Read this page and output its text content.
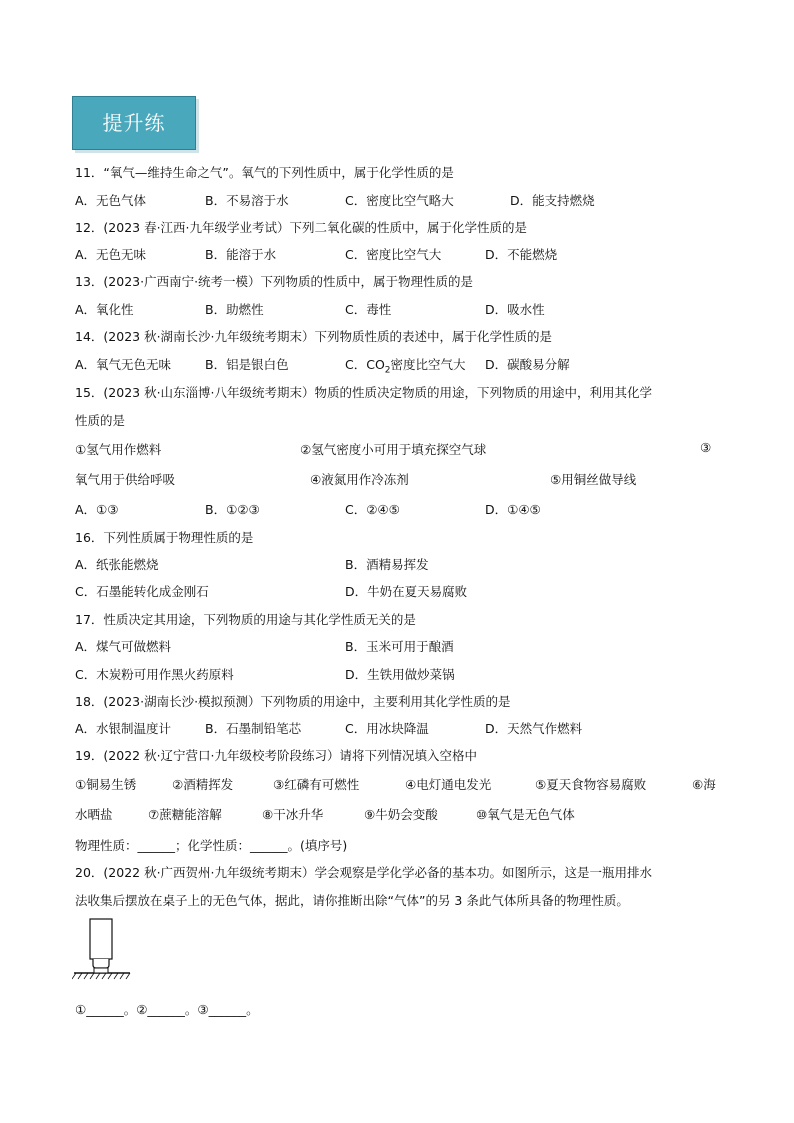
提升练
11．“氧气—维持生命之气”。氧气的下列性质中，属于化学性质的是
A．无色气体	B．不易溶于水	C．密度比空气略大	D．能支持燃烧
12．(2023 春·江西·九年级学业考试）下列二氧化碳的性质中，属于化学性质的是
A．无色无味	B．能溶于水	C．密度比空气大	D．不能燃烧
13．(2023·广西南宁·统考一模）下列物质的性质中，属于物理性质的是
A．氧化性	B．助燃性	C．毒性	D．吸水性
14．(2023 秋·湖南长沙·九年级统考期末）下列物质性质的表述中，属于化学性质的是
A．氧气无色无味	B．铝是银白色	C．$CO_2$密度比空气大 D．碳酸易分解
15．(2023 秋·山东淄博·八年级统考期末）物质的性质决定物质的用途，下列物质的用途中，利用其化学
性质的是
①氢气用作燃料	②氢气密度小可用于填充探空气球	③
氧气用于供给呼吸	④液氮用作冷冻剂	⑤用铜丝做导线
A．①③	B．①②③	C．②④⑤	D．①④⑤
16．下列性质属于物理性质的是
A．纸张能燃烧	B．酒精易挥发
C．石墨能转化成金刚石	D．牛奶在夏天易腐败
17．性质决定其用途，下列物质的用途与其化学性质无关的是
A．煤气可做燃料	B．玉米可用于酿酒
C．木炭粉可用作黑火药原料	D．生铁用做炒菜锅
18．(2023·湖南长沙·模拟预测）下列物质的用途中，主要利用其化学性质的是
A．水银制温度计	B．石墨制铅笔芯	C．用冰块降温	D．天然气作燃料
19．(2022 秋·辽宁营口·九年级校考阶段练习）请将下列情况填入空格中
①铜易生锈	②酒精挥发	③红磷有可燃性	④电灯通电发光	⑤夏天食物容易腐败	⑥海
水晒盐	⑦蔗糖能溶解	⑧干冰升华	⑨牛奶会变酸	⑩氧气是无色气体
物理性质：______；化学性质：______。(填序号)
20．(2022 秋·广西贺州·九年级统考期末）学会观察是学化学必备的基本功。如图所示，这是一瓶用排水
法收集后摆放在桌子上的无色气体，据此，请你推断出除“气体”的另 3 条此气体所具备的物理性质。
①______。②______。③______。
